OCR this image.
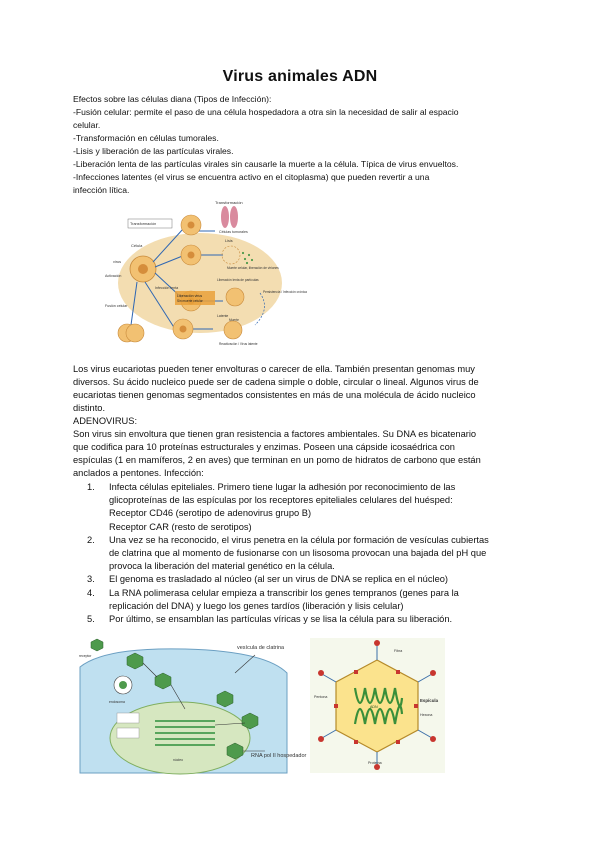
Virus animales ADN

Efectos sobre las células diana (Tipos de Infección):

-Fusión celular: permite el paso de una célula hospedadora a otra sin la necesidad de salir al espacio

celular.

-Transformación en células tumorales.

-Lisis y liberación de las partículas virales.

-Liberación lenta de las partículas virales sin causarle la muerte a la célula. Típica de virus envueltos.

-Infecciones latentes (el virus se encuentra activo en el citoplasma) que pueden revertir a una

infección lítica.

Transformación
Células tumorales
Transformación
Célula
virus
Lisis
Muerte celular, liberación de viriones
Liberación virus
Sin muerte celular
Infección lenta
Liberación lenta de partículas
Latente
Reactivación / Virus latente
Muerte
Fusión celular
Activación
Persistencia / Infección crónica

Los virus eucariotas pueden tener envolturas o carecer de ella. También presentan genomas muy

diversos. Su ácido nucleico puede ser de cadena simple o doble, circular o lineal. Algunos virus de

eucariotas tienen genomas segmentados consistentes en más de una molécula de ácido nucleico

distinto.

ADENOVIRUS:

Son virus sin envoltura que tienen gran resistencia a factores ambientales. Su DNA es bicatenario

que codifica para 10 proteínas estructurales y enzimas. Poseen una cápside icosaédrica con

espículas (1 en mamíferos, 2 en aves) que terminan en un pomo de hidratos de carbono que están

anclados a pentones. Infección:

1. Infecta células epiteliales. Primero tiene lugar la adhesión por reconocimiento de las
glicoproteínas de las espículas por los receptores epiteliales celulares del huésped:
Receptor CD46 (serotipo de adenovirus grupo B)
Receptor CAR (resto de serotipos)
2. Una vez se ha reconocido, el virus penetra en la célula por formación de vesículas cubiertas
de clatrina que al momento de fusionarse con un lisosoma provocan una bajada del pH que
provoca la liberación del material genético en la célula.
3. El genoma es trasladado al núcleo (al ser un virus de DNA se replica en el núcleo)
4. La RNA polimerasa celular empieza a transcribir los genes tempranos (genes para la
replicación del DNA) y luego los genes tardíos (liberación y lisis celular)
5. Por último, se ensamblan las partículas víricas y se lisa la célula para su liberación.
vesícula de clatrina
RNA pol II hospedador
endosoma
núcleo
receptor
Fibra
Espícula
Pentona
Hexona
ADN
Proteína
